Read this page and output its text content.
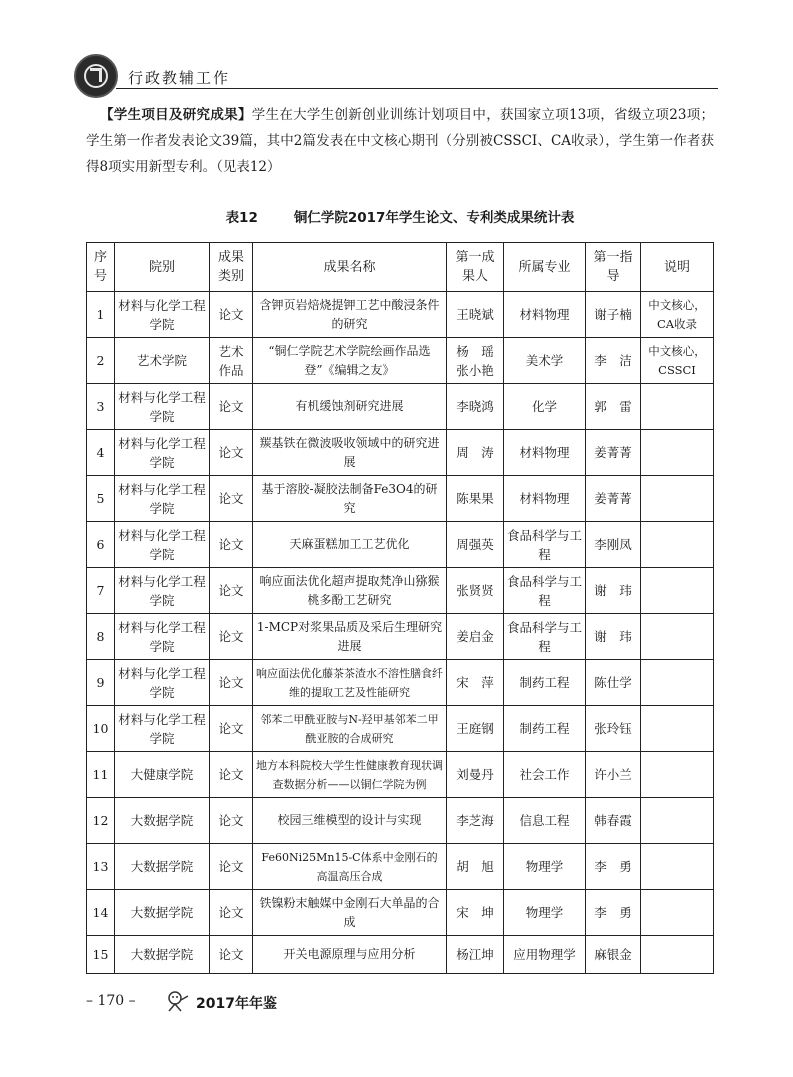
行政教辅工作
【学生项目及研究成果】学生在大学生创新创业训练计划项目中，获国家立项13项，省级立项23项；学生第一作者发表论文39篇，其中2篇发表在中文核心期刊（分别被CSSCI、CA收录），学生第一作者获得8项实用新型专利。（见表12）
表12	铜仁学院2017年学生论文、专利类成果统计表
序号	院别	成果类别	成果名称	第一成果人	所属专业	第一指导	说明
1	材料与化学工程学院	论文	含钾页岩焙烧提钾工艺中酸浸条件的研究	王晓斌	材料物理	谢子楠	中文核心，CA收录
2	艺术学院	艺术作品	“铜仁学院艺术学院绘画作品选登”《编辑之友》	杨　瑶 张小艳	美术学	李　洁	中文核心，CSSCI
3	材料与化学工程学院	论文	有机缓蚀剂研究进展	李晓鸿	化学	郭　雷	
4	材料与化学工程学院	论文	羰基铁在微波吸收领域中的研究进展	周　涛	材料物理	姜菁菁	
5	材料与化学工程学院	论文	基于溶胶-凝胶法制备Fe3O4的研究	陈果果	材料物理	姜菁菁	
6	材料与化学工程学院	论文	天麻蛋糕加工工艺优化	周强英	食品科学与工程	李刚凤	
7	材料与化学工程学院	论文	响应面法优化超声提取梵净山猕猴桃多酚工艺研究	张贤贤	食品科学与工程	谢　玮	
8	材料与化学工程学院	论文	1-MCP对浆果品质及采后生理研究进展	姜启金	食品科学与工程	谢　玮	
9	材料与化学工程学院	论文	响应面法优化藤茶茶渣水不溶性膳食纤维的提取工艺及性能研究	宋　萍	制药工程	陈仕学	
10	材料与化学工程学院	论文	邻苯二甲酰亚胺与N-羟甲基邻苯二甲酰亚胺的合成研究	王庭钢	制药工程	张玲钰	
11	大健康学院	论文	地方本科院校大学生性健康教育现状调查数据分析——以铜仁学院为例	刘曼丹	社会工作	许小兰	
12	大数据学院	论文	校园三维模型的设计与实现	李芝海	信息工程	韩春霞	
13	大数据学院	论文	Fe60Ni25Mn15-C体系中金刚石的高温高压合成	胡　旭	物理学	李　勇	
14	大数据学院	论文	铁镍粉末触媒中金刚石大单晶的合成	宋　坤	物理学	李　勇	
15	大数据学院	论文	开关电源原理与应用分析	杨江坤	应用物理学	麻银金	
– 170 –	2017年年鉴
